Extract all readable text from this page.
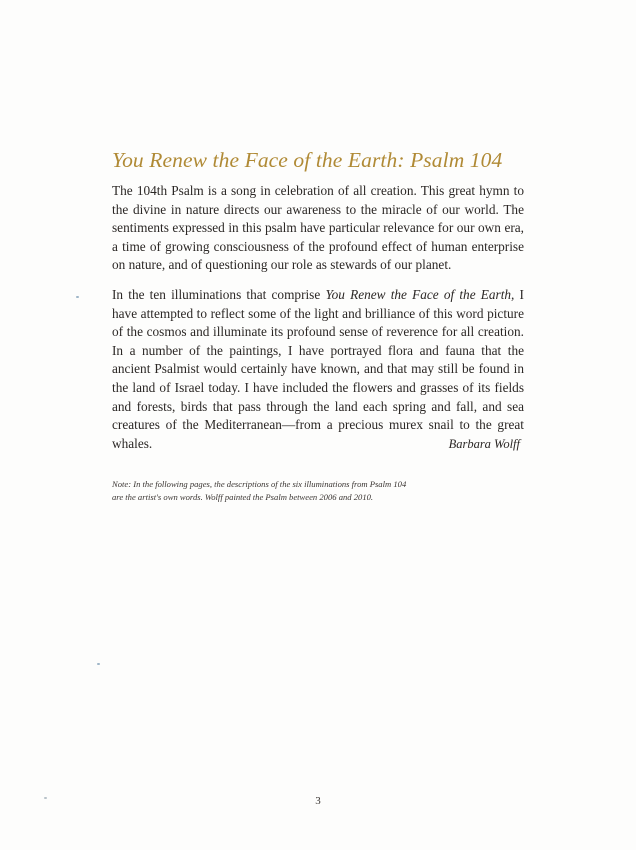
You Renew the Face of the Earth: Psalm 104

The 104th Psalm is a song in celebration of all creation. This great hymn to the divine in nature directs our awareness to the miracle of our world. The sentiments expressed in this psalm have particular relevance for our own era, a time of growing consciousness of the profound effect of human enterprise on nature, and of questioning our role as stewards of our planet.

In the ten illuminations that comprise You Renew the Face of the Earth, I have attempted to reflect some of the light and brilliance of this word picture of the cosmos and illuminate its profound sense of reverence for all creation. In a number of the paintings, I have portrayed flora and fauna that the ancient Psalmist would certainly have known, and that may still be found in the land of Israel today. I have included the flowers and grasses of its fields and forests, birds that pass through the land each spring and fall, and sea creatures of the Mediterranean—from a precious murex snail to the great whales.	Barbara Wolff

Note: In the following pages, the descriptions of the six illuminations from Psalm 104
are the artist's own words. Wolff painted the Psalm between 2006 and 2010.

3
